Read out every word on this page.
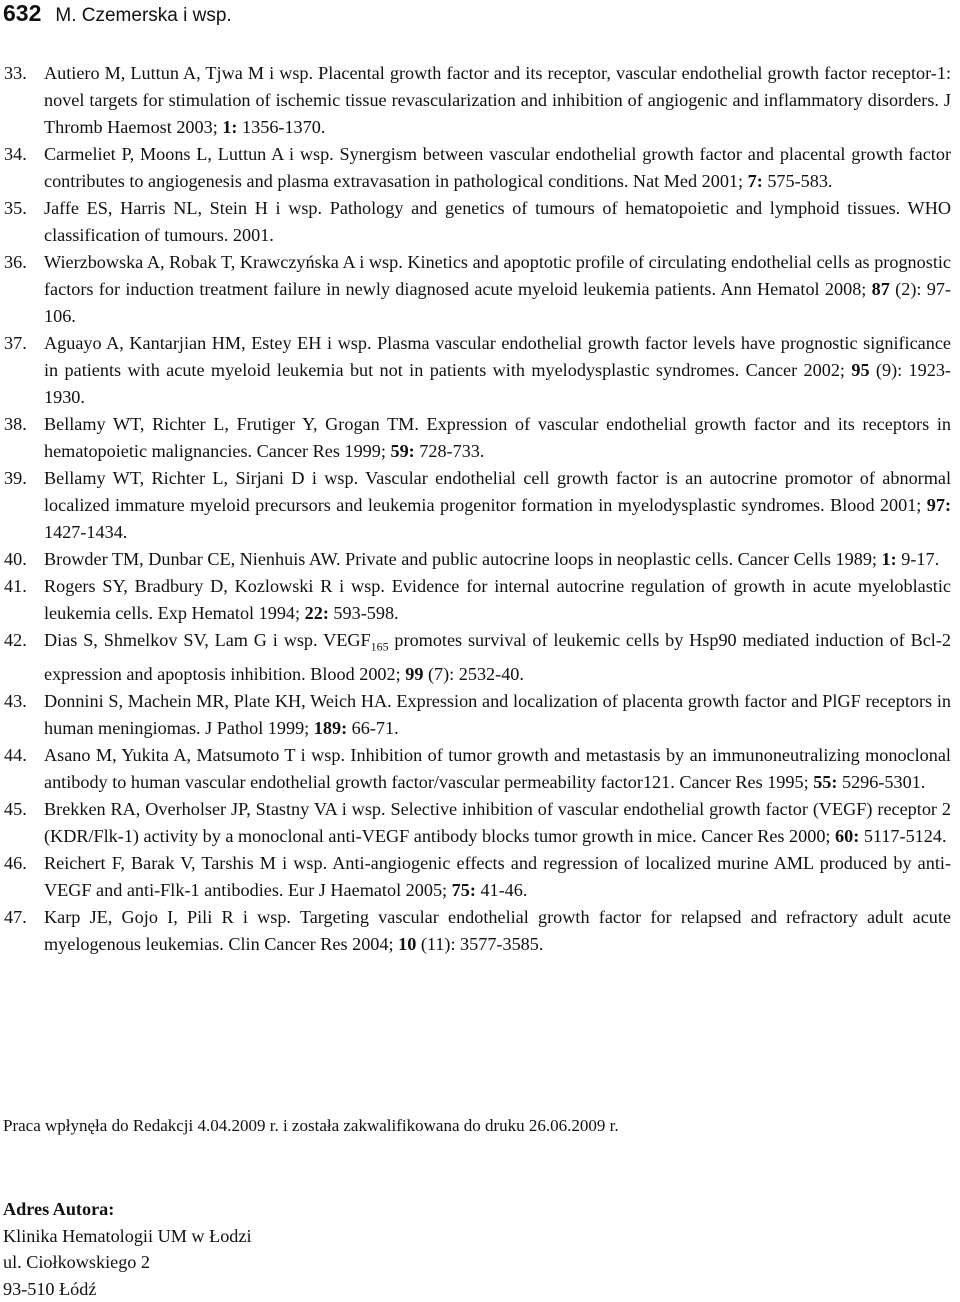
632 M. Czemerska i wsp.
33. Autiero M, Luttun A, Tjwa M i wsp. Placental growth factor and its receptor, vascular endothelial growth factor receptor-1: novel targets for stimulation of ischemic tissue revascularization and inhibition of angiogenic and inflammatory disorders. J Thromb Haemost 2003; 1: 1356-1370.
34. Carmeliet P, Moons L, Luttun A i wsp. Synergism between vascular endothelial growth factor and placental growth factor contributes to angiogenesis and plasma extravasation in pathological conditions. Nat Med 2001; 7: 575-583.
35. Jaffe ES, Harris NL, Stein H i wsp. Pathology and genetics of tumours of hematopoietic and lymphoid tissues. WHO classification of tumours. 2001.
36. Wierzbowska A, Robak T, Krawczyńska A i wsp. Kinetics and apoptotic profile of circulating endothelial cells as prognostic factors for induction treatment failure in newly diagnosed acute myeloid leukemia patients. Ann Hematol 2008; 87 (2): 97-106.
37. Aguayo A, Kantarjian HM, Estey EH i wsp. Plasma vascular endothelial growth factor levels have prognostic significance in patients with acute myeloid leukemia but not in patients with myelodysplastic syndromes. Cancer 2002; 95 (9): 1923-1930.
38. Bellamy WT, Richter L, Frutiger Y, Grogan TM. Expression of vascular endothelial growth factor and its receptors in hematopoietic malignancies. Cancer Res 1999; 59: 728-733.
39. Bellamy WT, Richter L, Sirjani D i wsp. Vascular endothelial cell growth factor is an autocrine promotor of abnormal localized immature myeloid precursors and leukemia progenitor formation in myelodysplastic syndromes. Blood 2001; 97: 1427-1434.
40. Browder TM, Dunbar CE, Nienhuis AW. Private and public autocrine loops in neoplastic cells. Cancer Cells 1989; 1: 9-17.
41. Rogers SY, Bradbury D, Kozlowski R i wsp. Evidence for internal autocrine regulation of growth in acute myeloblastic leukemia cells. Exp Hematol 1994; 22: 593-598.
42. Dias S, Shmelkov SV, Lam G i wsp. $VEGF_{165}$ promotes survival of leukemic cells by Hsp90 mediated induction of Bcl-2 expression and apoptosis inhibition. Blood 2002; 99 (7): 2532-40.
43. Donnini S, Machein MR, Plate KH, Weich HA. Expression and localization of placenta growth factor and PlGF receptors in human meningiomas. J Pathol 1999; 189: 66-71.
44. Asano M, Yukita A, Matsumoto T i wsp. Inhibition of tumor growth and metastasis by an immunoneutralizing monoclonal antibody to human vascular endothelial growth factor/vascular permeability factor121. Cancer Res 1995; 55: 5296-5301.
45. Brekken RA, Overholser JP, Stastny VA i wsp. Selective inhibition of vascular endothelial growth factor (VEGF) receptor 2 (KDR/Flk-1) activity by a monoclonal anti-VEGF antibody blocks tumor growth in mice. Cancer Res 2000; 60: 5117-5124.
46. Reichert F, Barak V, Tarshis M i wsp. Anti-angiogenic effects and regression of localized murine AML produced by anti-VEGF and anti-Flk-1 antibodies. Eur J Haematol 2005; 75: 41-46.
47. Karp JE, Gojo I, Pili R i wsp. Targeting vascular endothelial growth factor for relapsed and refractory adult acute myelogenous leukemias. Clin Cancer Res 2004; 10 (11): 3577-3585.
Praca wpłynęła do Redakcji 4.04.2009 r. i została zakwalifikowana do druku 26.06.2009 r.
Adres Autora:
Klinika Hematologii UM w Łodzi
ul. Ciołkowskiego 2
93-510 Łódź
